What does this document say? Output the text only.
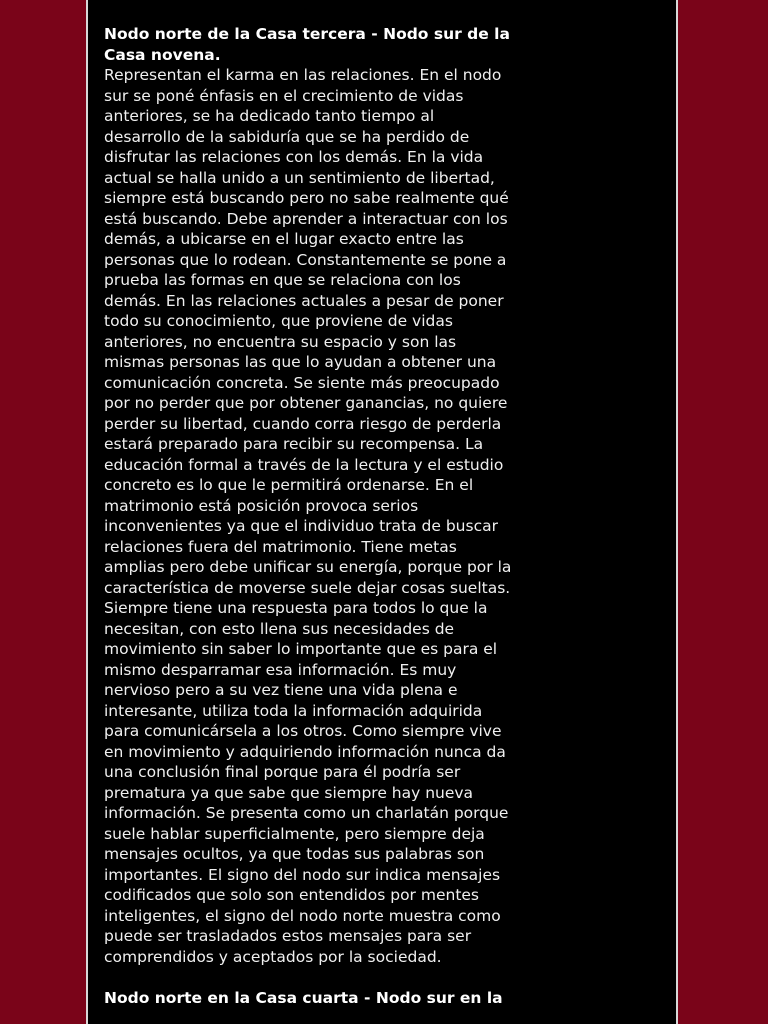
Nodo norte de la Casa tercera - Nodo sur de la Casa novena.

Representan el karma en las relaciones. En el nodo sur se poné énfasis en el crecimiento de vidas anteriores, se ha dedicado tanto tiempo al desarrollo de la sabiduría que se ha perdido de disfrutar las relaciones con los demás. En la vida actual se halla unido a un sentimiento de libertad, siempre está buscando pero no sabe realmente qué está buscando. Debe aprender a interactuar con los demás, a ubicarse en el lugar exacto entre las personas que lo rodean. Constantemente se pone a prueba las formas en que se relaciona con los demás. En las relaciones actuales a pesar de poner todo su conocimiento, que proviene de vidas anteriores, no encuentra su espacio y son las mismas personas las que lo ayudan a obtener una comunicación concreta. Se siente más preocupado por no perder que por obtener ganancias, no quiere perder su libertad, cuando corra riesgo de perderla estará preparado para recibir su recompensa. La educación formal a través de la lectura y el estudio concreto es lo que le permitirá ordenarse. En el matrimonio está posición provoca serios inconvenientes ya que el individuo trata de buscar relaciones fuera del matrimonio. Tiene metas amplias pero debe unificar su energía, porque por la característica de moverse suele dejar cosas sueltas. Siempre tiene una respuesta para todos lo que la necesitan, con esto llena sus necesidades de movimiento sin saber lo importante que es para el mismo desparramar esa información. Es muy nervioso pero a su vez tiene una vida plena e interesante, utiliza toda la información adquirida para comunicársela a los otros. Como siempre vive en movimiento y adquiriendo información nunca da una conclusión final porque para él podría ser prematura ya que sabe que siempre hay nueva información. Se presenta como un charlatán porque suele hablar superficialmente, pero siempre deja mensajes ocultos, ya que todas sus palabras son importantes. El signo del nodo sur indica mensajes codificados que solo son entendidos por mentes inteligentes, el signo del nodo norte muestra como puede ser trasladados estos mensajes para ser comprendidos y aceptados por la sociedad.

Nodo norte en la Casa cuarta - Nodo sur en la
